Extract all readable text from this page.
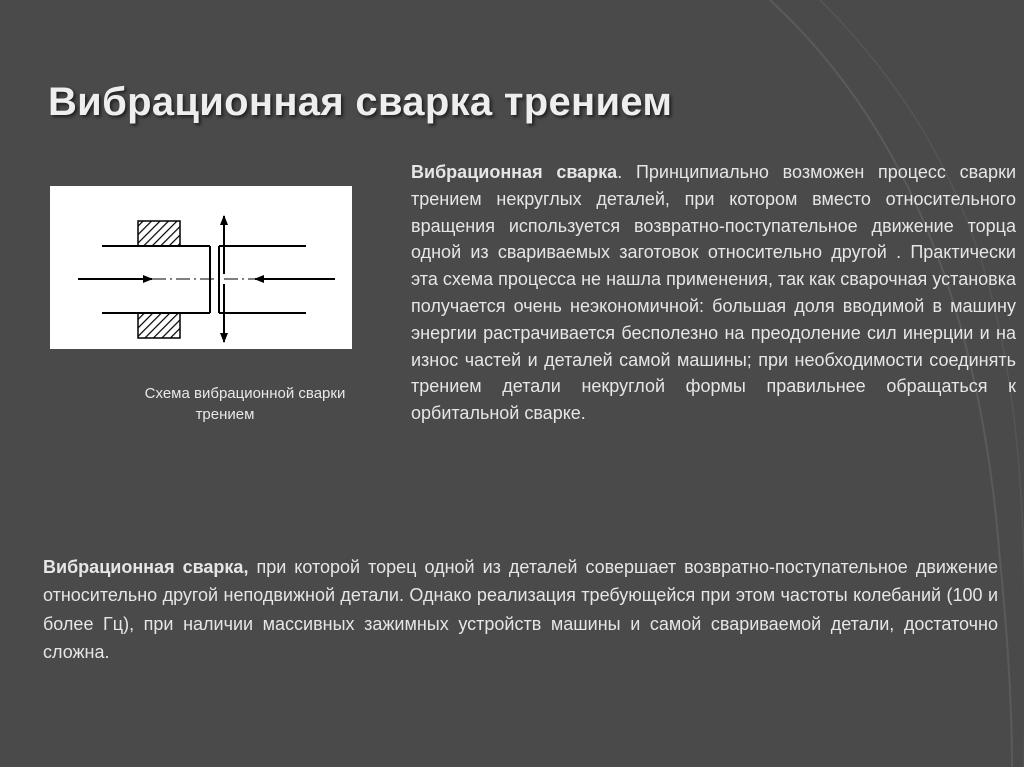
Вибрационная сварка трением
Схема вибрационной сварки
трением
Вибрационная сварка. Принципиально возможен процесс сварки трением некруглых деталей, при котором вместо относительного вращения используется возвратно-поступательное движение торца одной из свариваемых заготовок относительно другой . Практически эта схема процесса не нашла применения, так как сварочная установка получается очень неэкономичной: большая доля вводимой в машину энергии растрачивается бесполезно на преодоление сил инерции и на износ частей и деталей самой машины; при необходимости соединять трением детали некруглой формы правильнее обращаться к орбитальной сварке.
Вибрационная сварка, при которой торец одной из деталей совершает возвратно-поступательное движение относительно другой неподвижной детали. Однако реализация требующейся при этом частоты колебаний (100 и более Гц), при наличии массивных зажимных устройств машины и самой свариваемой детали, достаточно сложна.
